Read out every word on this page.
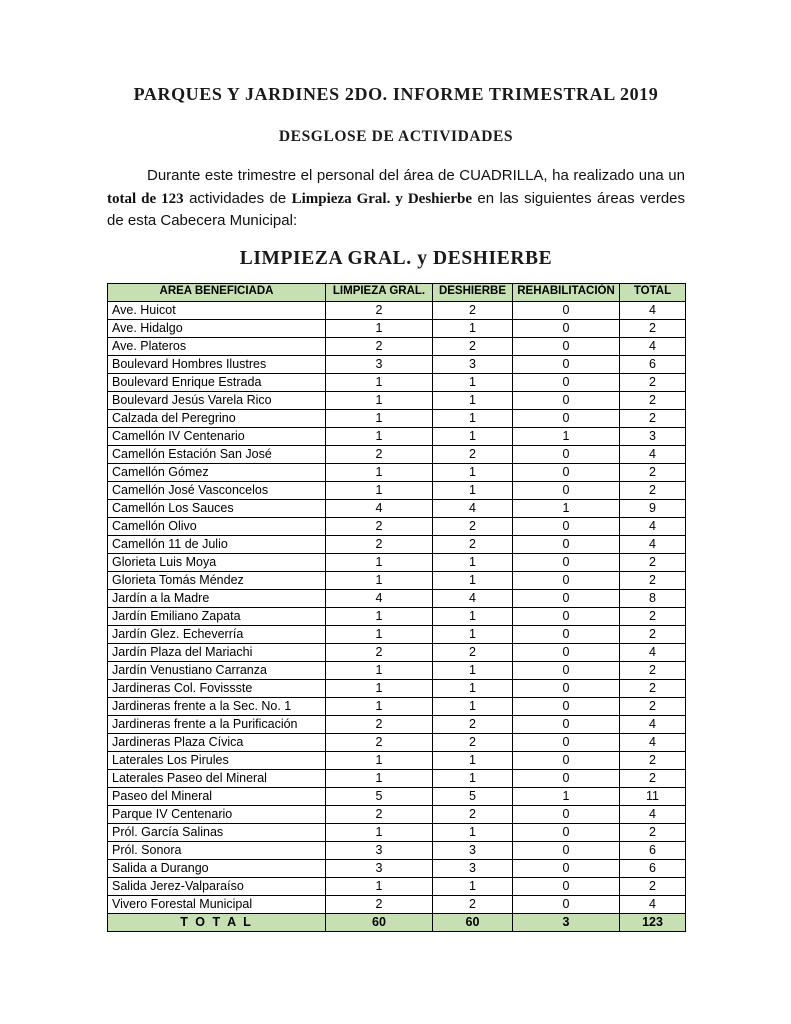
PARQUES Y JARDINES 2DO. INFORME TRIMESTRAL 2019
DESGLOSE DE ACTIVIDADES

Durante este trimestre el personal del área de CUADRILLA, ha realizado una un total de 123 actividades de Limpieza Gral. y Deshierbe en las siguientes áreas verdes de esta Cabecera Municipal:

LIMPIEZA GRAL. y DESHIERBE
AREA BENEFICIADA	LIMPIEZA GRAL.	DESHIERBE	REHABILITACIÓN	TOTAL
Ave. Huicot	2	2	0	4
Ave. Hidalgo	1	1	0	2
Ave. Plateros	2	2	0	4
Boulevard Hombres Ilustres	3	3	0	6
Boulevard Enrique Estrada	1	1	0	2
Boulevard Jesús Varela Rico	1	1	0	2
Calzada del Peregrino	1	1	0	2
Camellón IV Centenario	1	1	1	3
Camellón Estación San José	2	2	0	4
Camellón Gómez	1	1	0	2
Camellón José Vasconcelos	1	1	0	2
Camellón Los Sauces	4	4	1	9
Camellón Olivo	2	2	0	4
Camellón 11 de Julio	2	2	0	4
Glorieta Luis Moya	1	1	0	2
Glorieta Tomás Méndez	1	1	0	2
Jardín a la Madre	4	4	0	8
Jardín Emiliano Zapata	1	1	0	2
Jardín Glez. Echeverría	1	1	0	2
Jardín Plaza del Mariachi	2	2	0	4
Jardín Venustiano Carranza	1	1	0	2
Jardineras Col. Fovissste	1	1	0	2
Jardineras frente a la Sec. No. 1	1	1	0	2
Jardineras frente a la Purificación	2	2	0	4
Jardineras Plaza Cívica	2	2	0	4
Laterales Los Pirules	1	1	0	2
Laterales Paseo del Mineral	1	1	0	2
Paseo del Mineral	5	5	1	11
Parque IV Centenario	2	2	0	4
Pról. García Salinas	1	1	0	2
Pról. Sonora	3	3	0	6
Salida a Durango	3	3	0	6
Salida Jerez-Valparaíso	1	1	0	2
Vivero Forestal Municipal	2	2	0	4
T O T A L	60	60	3	123
